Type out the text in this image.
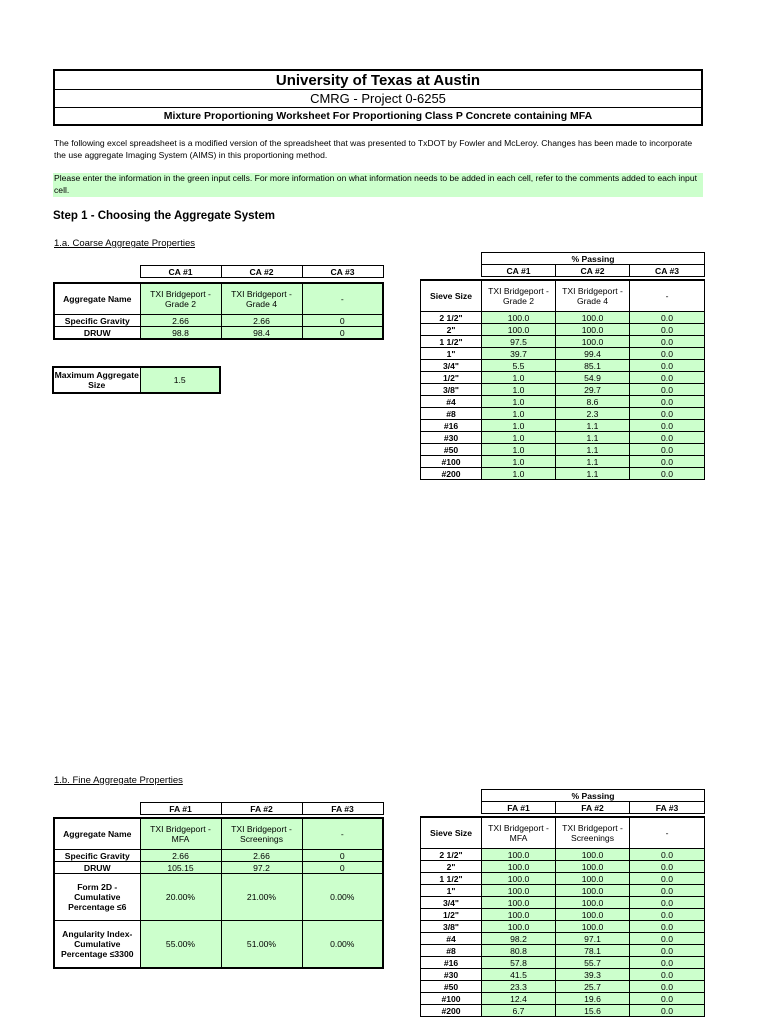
University of Texas at Austin
CMRG - Project 0-6255
Mixture Proportioning Worksheet For Proportioning Class P Concrete containing MFA
The following excel spreadsheet is a modified version of the spreadsheet that was presented to TxDOT by Fowler and McLeroy. Changes has been made to incorporate the use aggregate Imaging System (AIMS) in this proportioning method.
Please enter the information in the green input cells. For more information on what information needs to be added in each cell, refer to the comments added to each input cell.
Step 1 - Choosing the Aggregate System
1.a. Coarse Aggregate Properties
	CA #1	CA #2	CA #3

Aggregate Name	TXI Bridgeport - Grade 2	TXI Bridgeport - Grade 4	-
Specific Gravity	2.66	2.66	0
DRUW	98.8	98.4	0
Maximum Aggregate Size	1.5
	% Passing		
	CA #1	CA #2	CA #3

Sieve Size	TXI Bridgeport - Grade 2	TXI Bridgeport - Grade 4	-
2 1/2"	100.0	100.0	0.0
2"	100.0	100.0	0.0
1 1/2"	97.5	100.0	0.0
1"	39.7	99.4	0.0
3/4"	5.5	85.1	0.0
1/2"	1.0	54.9	0.0
3/8"	1.0	29.7	0.0
#4	1.0	8.6	0.0
#8	1.0	2.3	0.0
#16	1.0	1.1	0.0
#30	1.0	1.1	0.0
#50	1.0	1.1	0.0
#100	1.0	1.1	0.0
#200	1.0	1.1	0.0
1.b. Fine Aggregate Properties
	FA #1	FA #2	FA #3

Aggregate Name	TXI Bridgeport - MFA	TXI Bridgeport - Screenings	-
Specific Gravity	2.66	2.66	0
DRUW	105.15	97.2	0
Form 2D - Cumulative Percentage ≤6	20.00%	21.00%	0.00%
Angularity Index-Cumulative Percentage ≤3300	55.00%	51.00%	0.00%
	% Passing		
	FA #1	FA #2	FA #3

Sieve Size	TXI Bridgeport - MFA	TXI Bridgeport - Screenings	-
2 1/2"	100.0	100.0	0.0
2"	100.0	100.0	0.0
1 1/2"	100.0	100.0	0.0
1"	100.0	100.0	0.0
3/4"	100.0	100.0	0.0
1/2"	100.0	100.0	0.0
3/8"	100.0	100.0	0.0
#4	98.2	97.1	0.0
#8	80.8	78.1	0.0
#16	57.8	55.7	0.0
#30	41.5	39.3	0.0
#50	23.3	25.7	0.0
#100	12.4	19.6	0.0
#200	6.7	15.6	0.0
